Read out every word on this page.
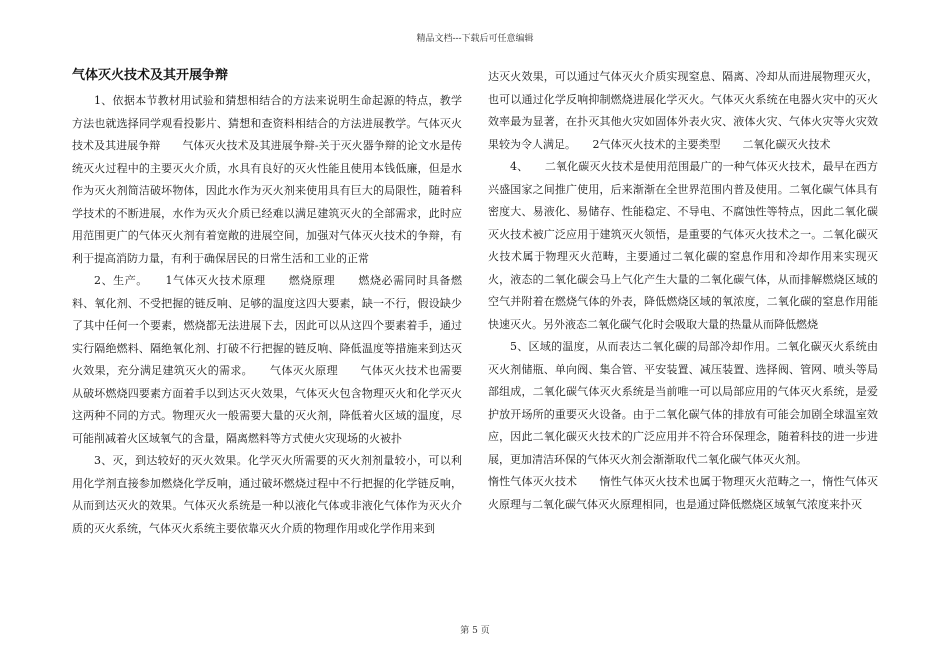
精品文档---下载后可任意编辑
气体灭火技术及其开展争辩

1、依据本节教材用试验和猜想相结合的方法来说明生命起源的特点，教学方法也就选择同学观看投影片、猜想和查资料相结合的方法进展教学。气体灭火技术及其进展争辩　　气体灭火技术及其进展争辩-关于灭火器争辩的论文水是传统灭火过程中的主要灭火介质，水具有良好的灭火性能且使用本钱低廉，但是水作为灭火剂简洁破坏物体，因此水作为灭火剂来使用具有巨大的局限性，随着科学技术的不断进展，水作为灭火介质已经难以满足建筑灭火的全部需求，此时应用范围更广的气体灭火剂有着宽敞的进展空间，加强对气体灭火技术的争辩，有利于提高消防力量，有利于确保居民的日常生活和工业的正常

2、生产。　　1气体灭火技术原理　　燃烧原理　　燃烧必需同时具备燃料、氧化剂、不受把握的链反响、足够的温度这四大要素，缺一不行，假设缺少了其中任何一个要素，燃烧都无法进展下去，因此可以从这四个要素着手，通过实行隔绝燃料、隔绝氧化剂、打破不行把握的链反响、降低温度等措施来到达灭火效果，充分满足建筑灭火的需求。　　气体灭火原理　　气体灭火技术也需要从破坏燃烧四要素方面着手以到达灭火效果，气体灭火包含物理灭火和化学灭火这两种不同的方式。物理灭火一般需要大量的灭火剂，降低着火区域的温度，尽可能削减着火区域氧气的含量，隔离燃料等方式使火灾现场的火被扑

3、灭，到达较好的灭火效果。化学灭火所需要的灭火剂剂量较小，可以利用化学剂直接参加燃烧化学反响，通过破坏燃烧过程中不行把握的化学链反响，从而到达灭火的效果。气体灭火系统是一种以液化气体或非液化气体作为灭火介质的灭火系统，气体灭火系统主要依靠灭火介质的物理作用或化学作用来到

达灭火效果，可以通过气体灭火介质实现窒息、隔离、冷却从而进展物理灭火，也可以通过化学反响抑制燃烧进展化学灭火。气体灭火系统在电器火灾中的灭火效率最为显著，在扑灭其他火灾如固体外表火灾、液体火灾、气体火灾等火灾效果较为令人满足。　　2气体灭火技术的主要类型　　二氧化碳灭火技术

4、　　二氧化碳灭火技术是使用范围最广的一种气体灭火技术，最早在西方兴盛国家之间推广使用，后来渐渐在全世界范围内普及使用。二氧化碳气体具有密度大、易液化、易储存、性能稳定、不导电、不腐蚀性等特点，因此二氧化碳灭火技术被广泛应用于建筑灭火领悟，是重要的气体灭火技术之一。二氧化碳灭火技术属于物理灭火范畴，主要通过二氧化碳的窒息作用和冷却作用来实现灭火，液态的二氧化碳会马上气化产生大量的二氧化碳气体，从而排解燃烧区域的空气并附着在燃烧气体的外表，降低燃烧区域的氧浓度，二氧化碳的窒息作用能快速灭火。另外液态二氧化碳气化时会吸取大量的热量从而降低燃烧

5、区域的温度，从而表达二氧化碳的局部冷却作用。二氧化碳灭火系统由灭火剂储瓶、单向阀、集合管、平安装置、减压装置、选择阀、管网、喷头等局部组成，二氧化碳气体灭火系统是当前唯一可以局部应用的气体灭火系统，是爱护放开场所的重要灭火设备。由于二氧化碳气体的排放有可能会加剧全球温室效应，因此二氧化碳灭火技术的广泛应用并不符合环保理念，随着科技的进一步进展，更加清洁环保的气体灭火剂会渐渐取代二氧化碳气体灭火剂。

惰性气体灭火技术　　惰性气体灭火技术也属于物理灭火范畴之一，惰性气体灭火原理与二氧化碳气体灭火原理相同，也是通过降低燃烧区域氧气浓度来扑灭

第 5 页
